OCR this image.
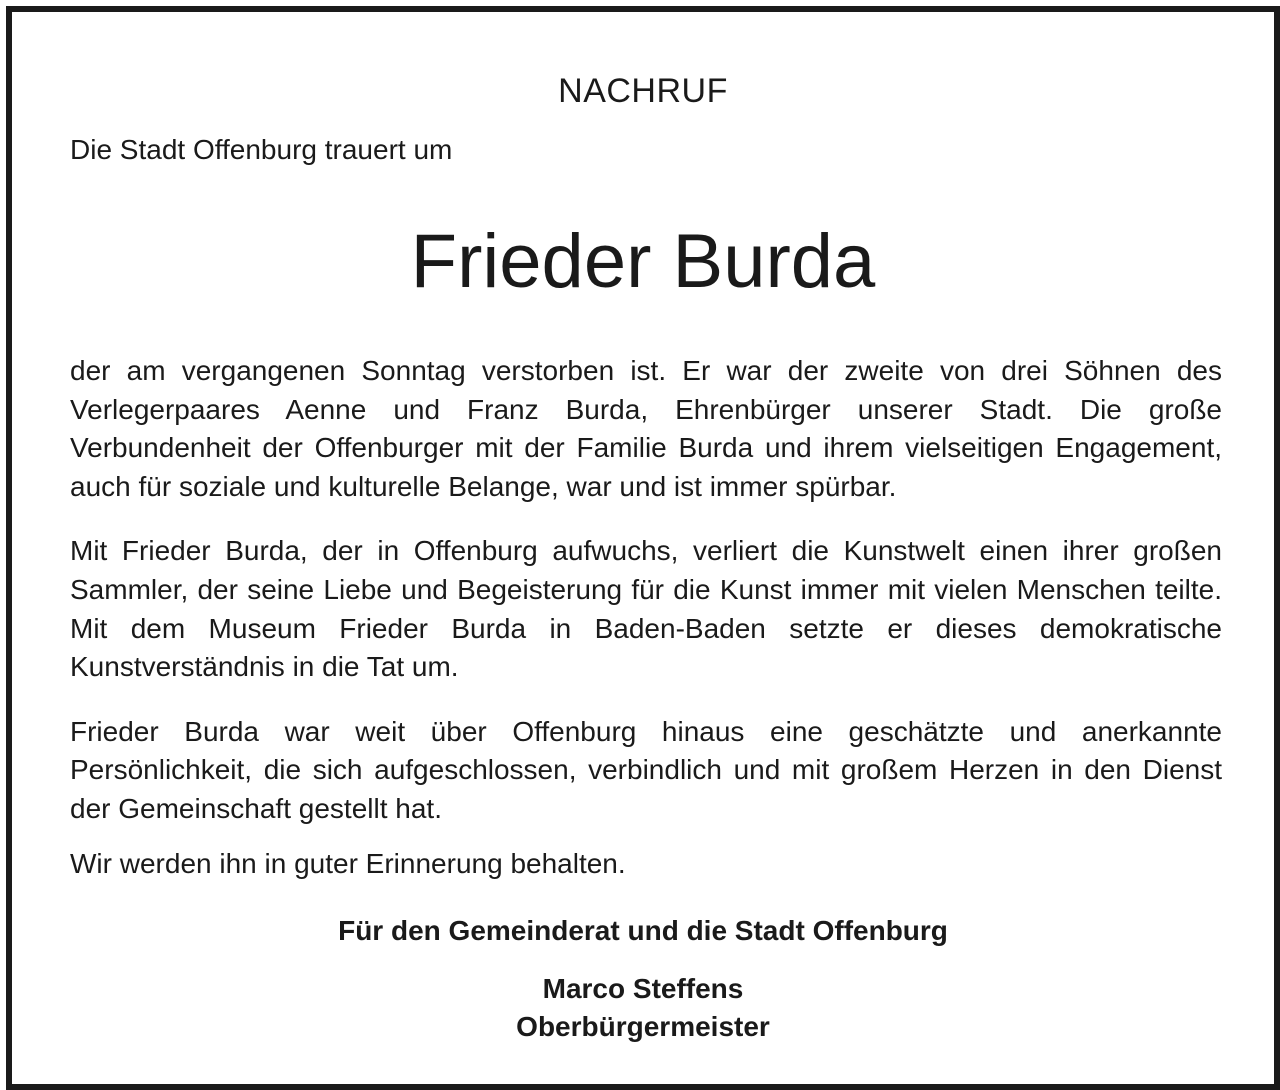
NACHRUF
Die Stadt Offenburg trauert um
Frieder Burda

der am vergangenen Sonntag verstorben ist. Er war der zweite von drei Söhnen des Verlegerpaares Aenne und Franz Burda, Ehrenbürger unserer Stadt. Die große Verbundenheit der Offenburger mit der Familie Burda und ihrem vielseitigen Engagement, auch für soziale und kulturelle Belange, war und ist immer spürbar.

Mit Frieder Burda, der in Offenburg aufwuchs, verliert die Kunstwelt einen ihrer großen Sammler, der seine Liebe und Begeisterung für die Kunst immer mit vielen Menschen teilte. Mit dem Museum Frieder Burda in Baden-Baden setzte er dieses demokratische Kunstverständnis in die Tat um.

Frieder Burda war weit über Offenburg hinaus eine geschätzte und anerkannte Persönlichkeit, die sich aufgeschlossen, verbindlich und mit großem Herzen in den Dienst der Gemeinschaft gestellt hat.

Wir werden ihn in guter Erinnerung behalten.

Für den Gemeinderat und die Stadt Offenburg
Marco Steffens
Oberbürgermeister
